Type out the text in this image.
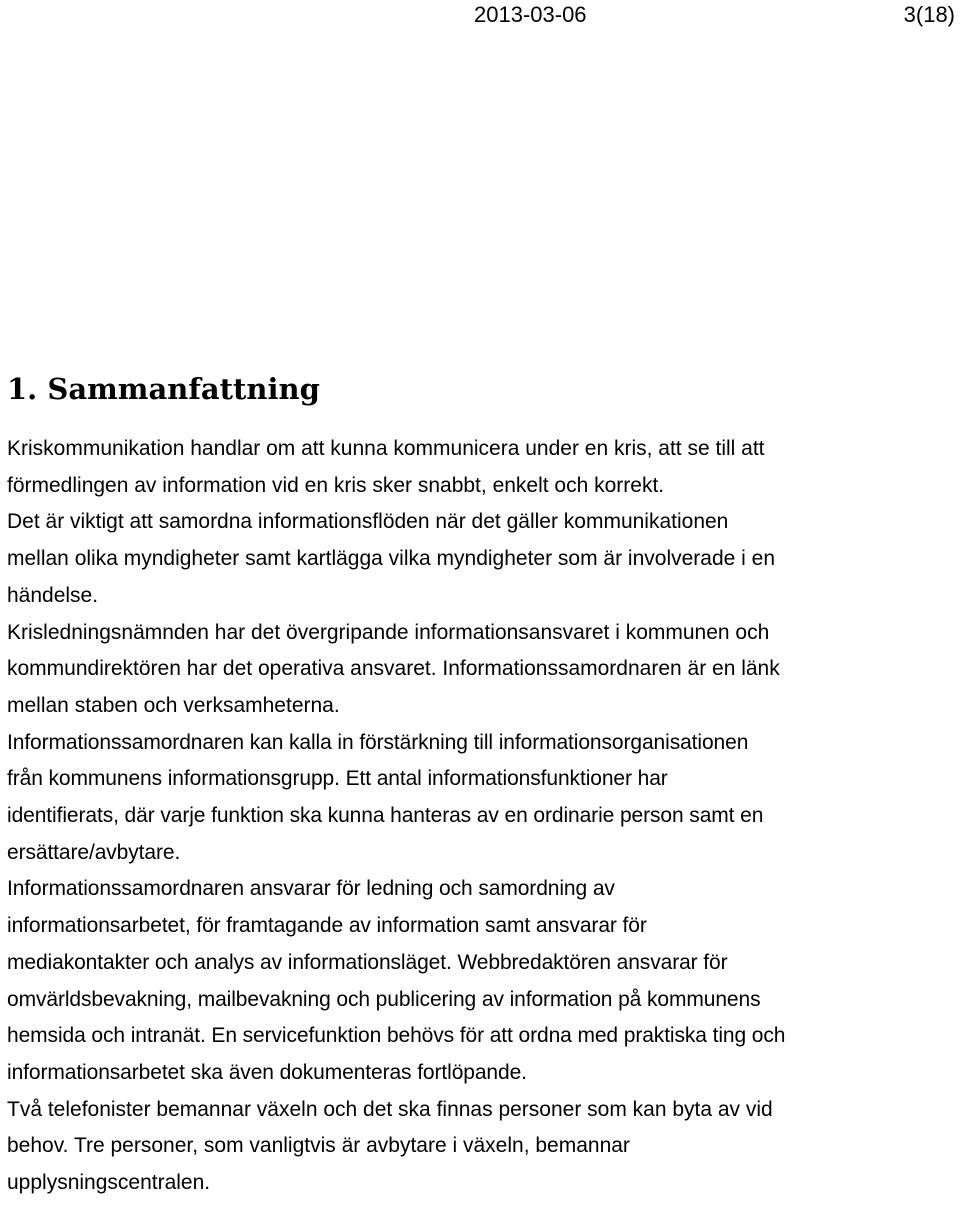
2013-03-06	3(18)
1. Sammanfattning

Kriskommunikation handlar om att kunna kommunicera under en kris, att se till att
förmedlingen av information vid en kris sker snabbt, enkelt och korrekt.

Det är viktigt att samordna informationsflöden när det gäller kommunikationen
mellan olika myndigheter samt kartlägga vilka myndigheter som är involverade i en
händelse.

Krisledningsnämnden har det övergripande informationsansvaret i kommunen och
kommundirektören har det operativa ansvaret. Informationssamordnaren är en länk
mellan staben och verksamheterna.

Informationssamordnaren kan kalla in förstärkning till informationsorganisationen
från kommunens informationsgrupp. Ett antal informationsfunktioner har
identifierats, där varje funktion ska kunna hanteras av en ordinarie person samt en
ersättare/avbytare.

Informationssamordnaren ansvarar för ledning och samordning av
informationsarbetet, för framtagande av information samt ansvarar för
mediakontakter och analys av informationsläget. Webbredaktören ansvarar för
omvärldsbevakning, mailbevakning och publicering av information på kommunens
hemsida och intranät. En servicefunktion behövs för att ordna med praktiska ting och
informationsarbetet ska även dokumenteras fortlöpande.

Två telefonister bemannar växeln och det ska finnas personer som kan byta av vid
behov. Tre personer, som vanligtvis är avbytare i växeln, bemannar
upplysningscentralen.
